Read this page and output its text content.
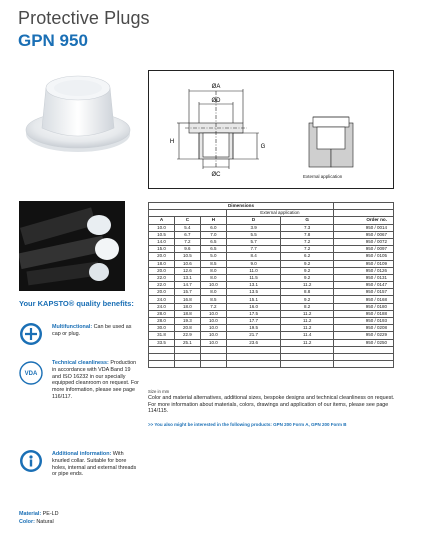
Protective Plugs
GPN 950
ØA
ØD
ØC
H
G
External application
Your KAPSTO® quality benefits:
Multifunctional: Can be used as cap or plug.
VDA
Technical cleanliness: Production in accordance with VDA Band 19 and ISO 16232 in our specially equipped cleanroom on request. For more information, please see page 116/117.
Additional information: With knurled collar. Suitable for bore holes, internal and external threads or pipe ends.
Dimensions					
			External application		
A	C	H	D	G	Order no.
10.0	5.4	6.0	3.9	7.3	950 / 0014
10.5	6.7	7.0	5.5	7.8	950 / 0067
14.0	7.2	6.5	5.7	7.2	950 / 0072
15.0	9.6	6.5	7.7	7.2	950 / 0097
20.0	10.5	5.0	8.4	6.2	950 / 0105
18.0	10.6	8.5	9.0	9.2	950 / 0109
20.0	12.6	8.0	11.0	9.2	950 / 0126
22.0	13.1	8.0	11.5	9.2	950 / 0131
22.0	14.7	10.0	13.1	11.2	950 / 0147
20.0	15.7	8.0	13.5	8.8	950 / 0157
24.0	16.8	8.5	15.1	9.2	950 / 0168
24.0	18.0	7.2	16.0	8.2	950 / 0180
28.0	18.8	10.0	17.5	11.2	950 / 0188
28.0	19.3	10.0	17.7	11.2	950 / 0193
30.0	20.8	10.0	19.5	11.2	950 / 0208
31.8	22.9	10.0	21.7	11.4	950 / 0229
33.5	25.1	10.0	23.6	11.2	950 / 0250

Size in mm
Color and material alternatives, additional sizes, bespoke designs and technical cleanliness on request. For more information about materials, colors, drawings and application of our items, please see page 114/115.
>> You also might be interested in the following products: GPN 200 Form A, GPN 200 Form B
Material: PE-LD
Color: Natural
